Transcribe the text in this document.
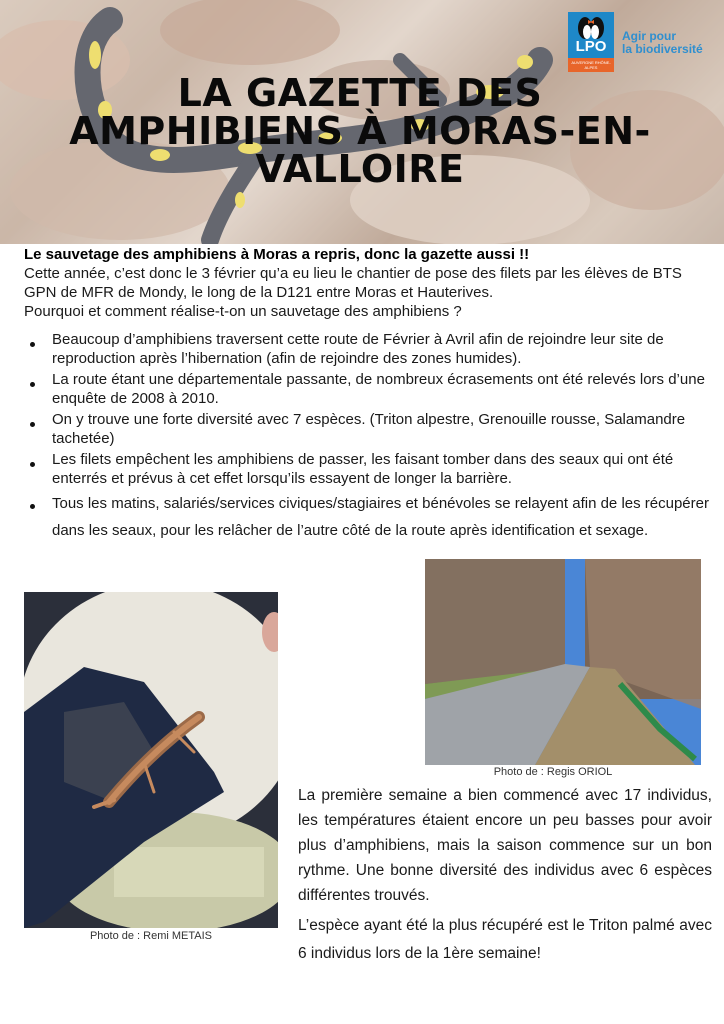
LA GAZETTE DES AMPHIBIENS À MORAS-EN-VALLOIRE
LPO
AUVERGNE RHÔNE-ALPES
Agir pour
la biodiversité
Le sauvetage des amphibiens à Moras a repris, donc la gazette aussi !!
Cette année, c’est donc le 3 février qu’a eu lieu le chantier de pose des filets par les élèves de BTS GPN de MFR de Mondy, le long de la D121 entre Moras et Hauterives.
Pourquoi et comment réalise-t-on un sauvetage des amphibiens ?
Beaucoup d’amphibiens traversent cette route de Février à Avril afin de rejoindre leur site de reproduction après l’hibernation (afin de rejoindre des zones humides).
La route étant une départementale passante, de nombreux écrasements ont été relevés lors d’une enquête de 2008 à 2010.
On y trouve une forte diversité avec 7 espèces. (Triton alpestre, Grenouille rousse, Salamandre tachetée)
Les filets empêchent les amphibiens de passer, les faisant tomber dans des seaux qui ont été enterrés et prévus à cet effet lorsqu’ils essayent de longer la barrière.
Tous les matins, salariés/services civiques/stagiaires et bénévoles se relayent afin de les récupérer dans les seaux, pour les relâcher de l’autre côté de la route après identification et sexage.
Photo de : Remi METAIS
Photo de : Regis ORIOL

La première semaine a bien commencé avec 17 individus, les températures étaient encore un peu basses pour avoir plus d’amphibiens, mais la saison commence sur un bon rythme. Une bonne diversité des individus avec 6 espèces différentes trouvés.

L’espèce ayant été la plus récupéré est le Triton palmé avec 6 individus lors de la 1ère semaine!
